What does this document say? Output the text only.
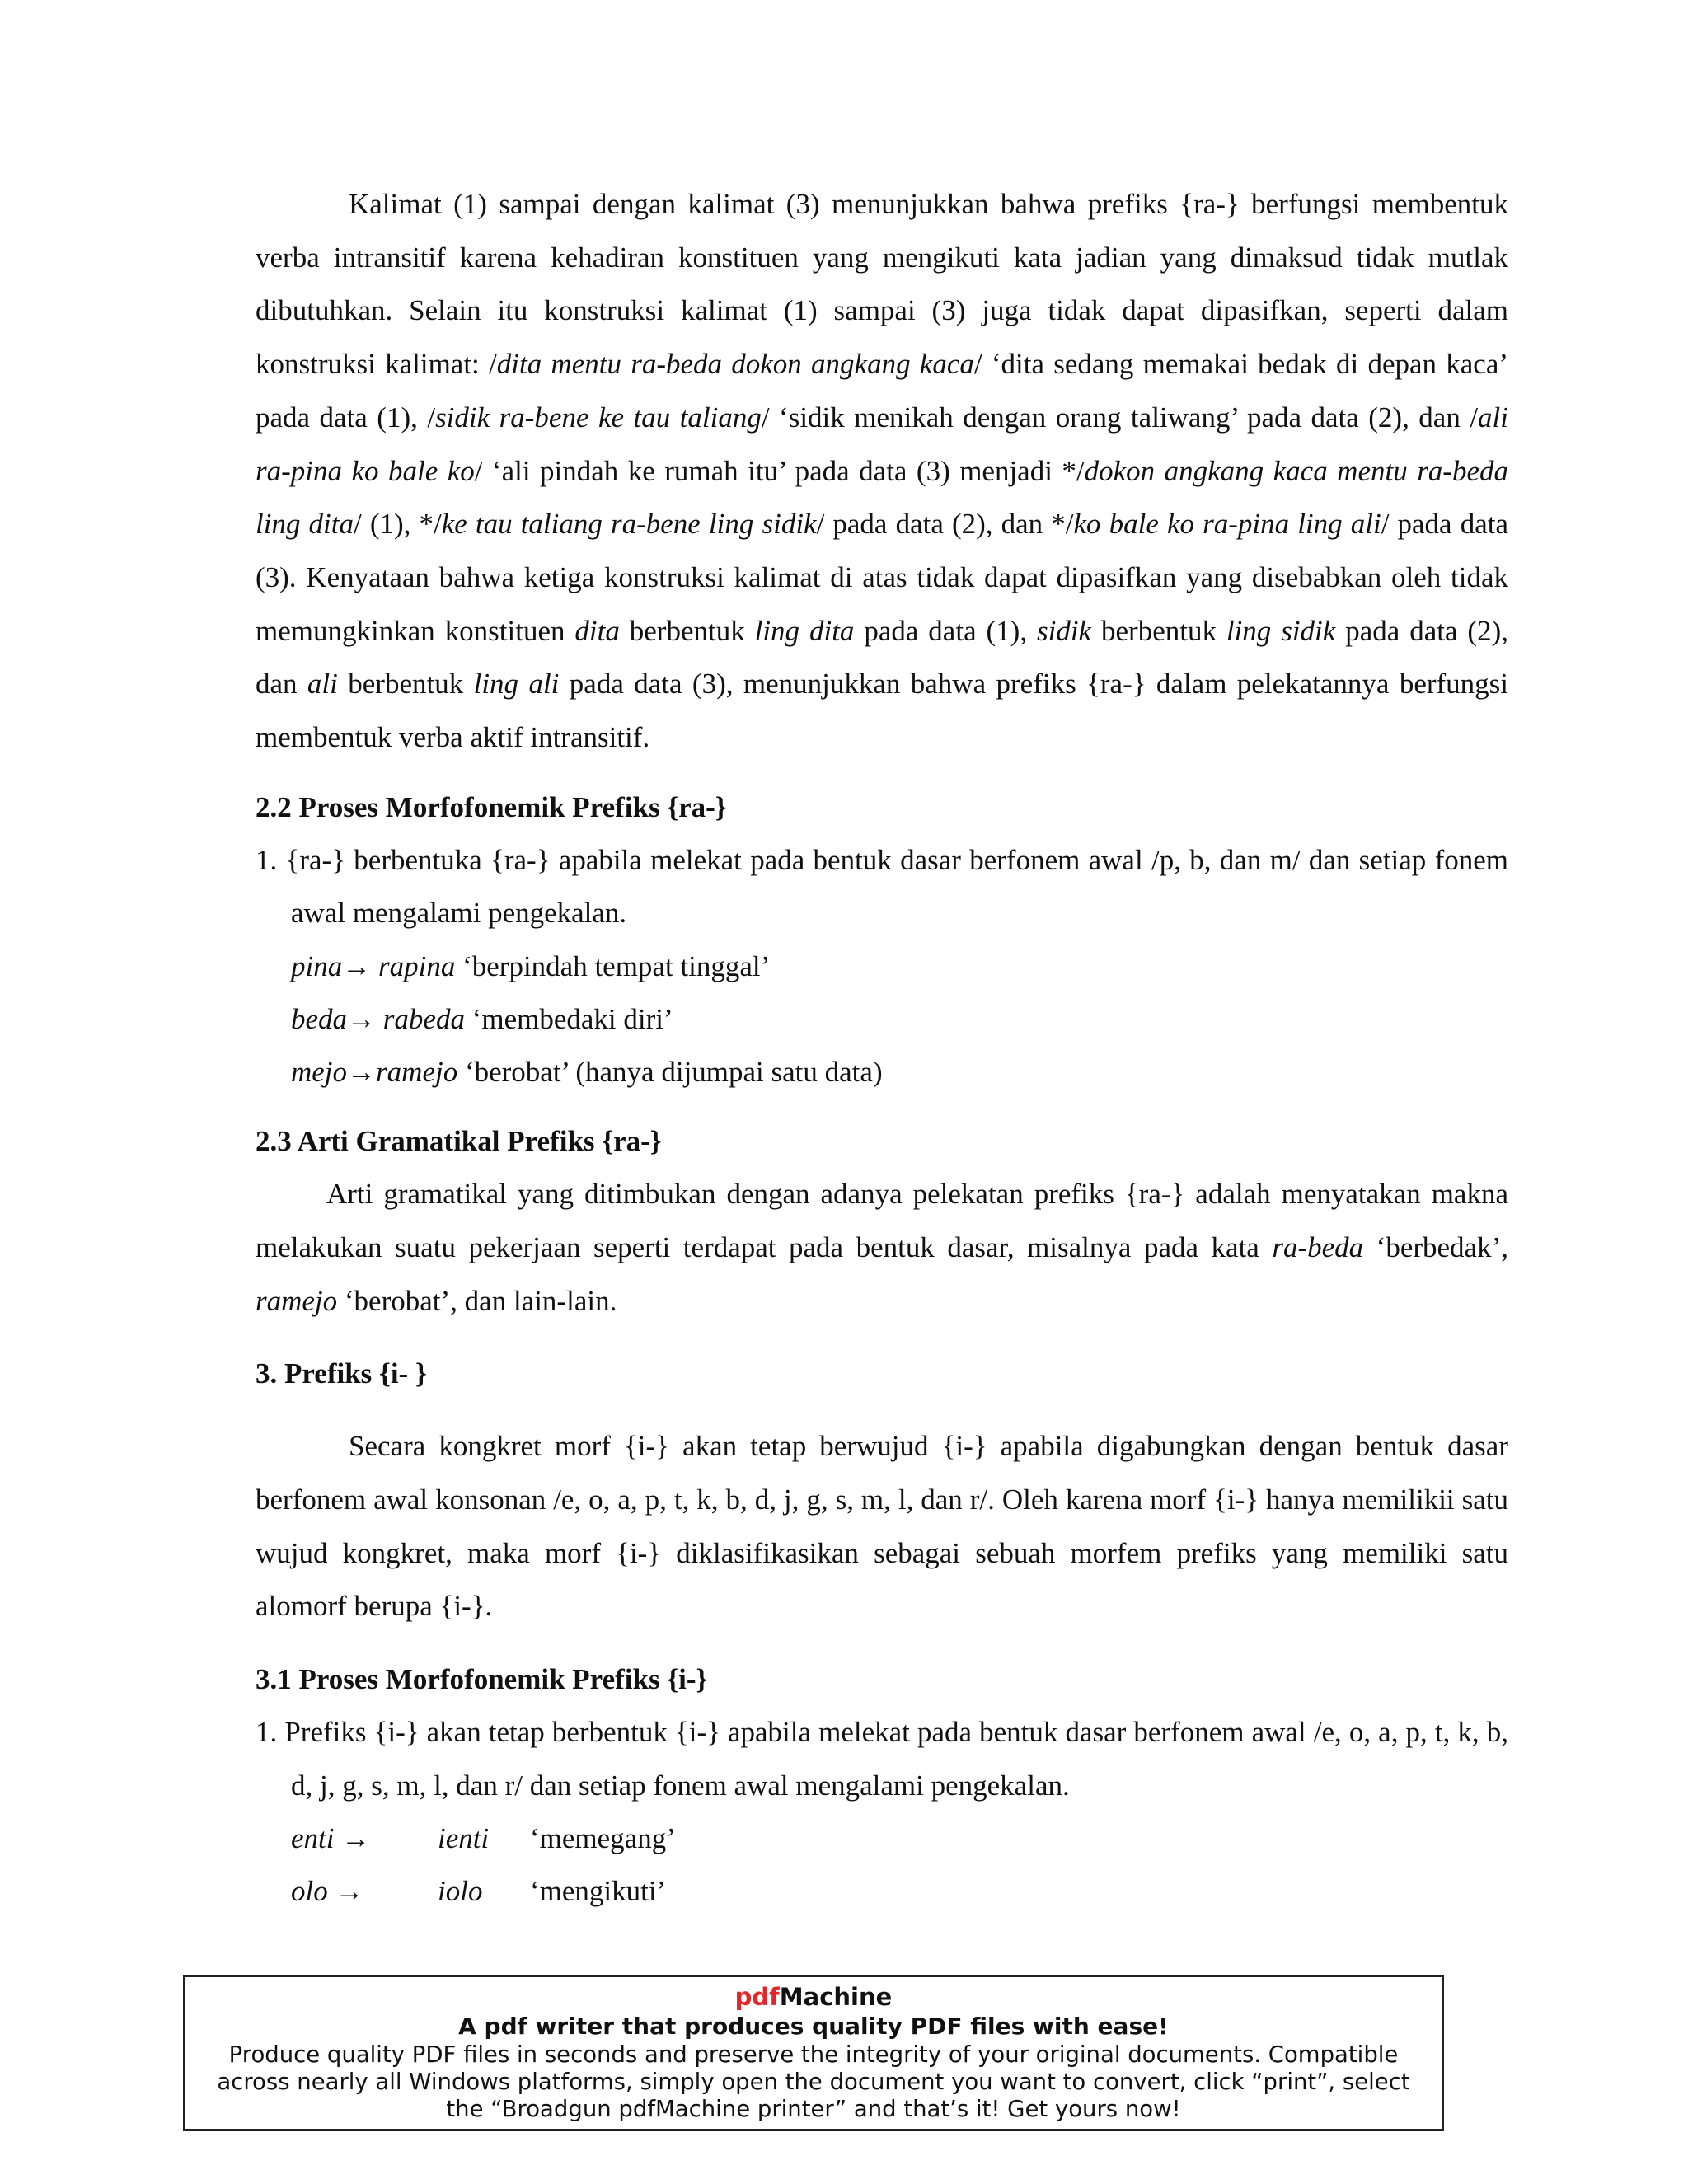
Kalimat (1) sampai dengan kalimat (3) menunjukkan bahwa prefiks {ra-} berfungsi membentuk verba intransitif karena kehadiran konstituen yang mengikuti kata jadian yang dimaksud tidak mutlak dibutuhkan. Selain itu konstruksi kalimat (1) sampai (3) juga tidak dapat dipasifkan, seperti dalam konstruksi kalimat: /dita mentu ra-beda dokon angkang kaca/ ‘dita sedang memakai bedak di depan kaca’ pada data (1), /sidik ra-bene ke tau taliang/ ‘sidik menikah dengan orang taliwang’ pada data (2), dan /ali ra-pina ko bale ko/ ‘ali pindah ke rumah itu’ pada data (3) menjadi */dokon angkang kaca mentu ra-beda ling dita/ (1), */ke tau taliang ra-bene ling sidik/ pada data (2), dan */ko bale ko ra-pina ling ali/ pada data (3). Kenyataan bahwa ketiga konstruksi kalimat di atas tidak dapat dipasifkan yang disebabkan oleh tidak memungkinkan konstituen dita berbentuk ling dita pada data (1), sidik berbentuk ling sidik pada data (2), dan ali berbentuk ling ali pada data (3), menunjukkan bahwa prefiks {ra-} dalam pelekatannya berfungsi membentuk verba aktif intransitif.

2.2 Proses Morfofonemik Prefiks {ra-}

1. {ra-} berbentuka {ra-} apabila melekat pada bentuk dasar berfonem awal /p, b, dan m/ dan setiap fonem awal mengalami pengekalan.

pina→ rapina ‘berpindah tempat tinggal’

beda→ rabeda ‘membedaki diri’

mejo→ramejo ‘berobat’ (hanya dijumpai satu data)

2.3 Arti Gramatikal Prefiks {ra-}

Arti gramatikal yang ditimbukan dengan adanya pelekatan prefiks {ra-} adalah menyatakan makna melakukan suatu pekerjaan seperti terdapat pada bentuk dasar, misalnya pada kata ra-beda ‘berbedak’, ramejo ‘berobat’, dan lain-lain.

3. Prefiks {i- }

Secara kongkret morf {i-} akan tetap berwujud {i-} apabila digabungkan dengan bentuk dasar berfonem awal konsonan /e, o, a, p, t, k, b, d, j, g, s, m, l, dan r/. Oleh karena morf {i-} hanya memilikii satu wujud kongkret, maka morf {i-} diklasifikasikan sebagai sebuah morfem prefiks yang memiliki satu alomorf berupa {i-}.

3.1 Proses Morfofonemik Prefiks {i-}

1. Prefiks {i-} akan tetap berbentuk {i-} apabila melekat pada bentuk dasar berfonem awal /e, o, a, p, t, k, b, d, j, g, s, m, l, dan r/ dan setiap fonem awal mengalami pengekalan.

enti → ienti ‘memegang’

olo →	iolo ‘mengikuti’

pdfMachine
A pdf writer that produces quality PDF files with ease!
Produce quality PDF files in seconds and preserve the integrity of your original documents. Compatible across nearly all Windows platforms, simply open the document you want to convert, click “print”, select the “Broadgun pdfMachine printer” and that’s it! Get yours now!
